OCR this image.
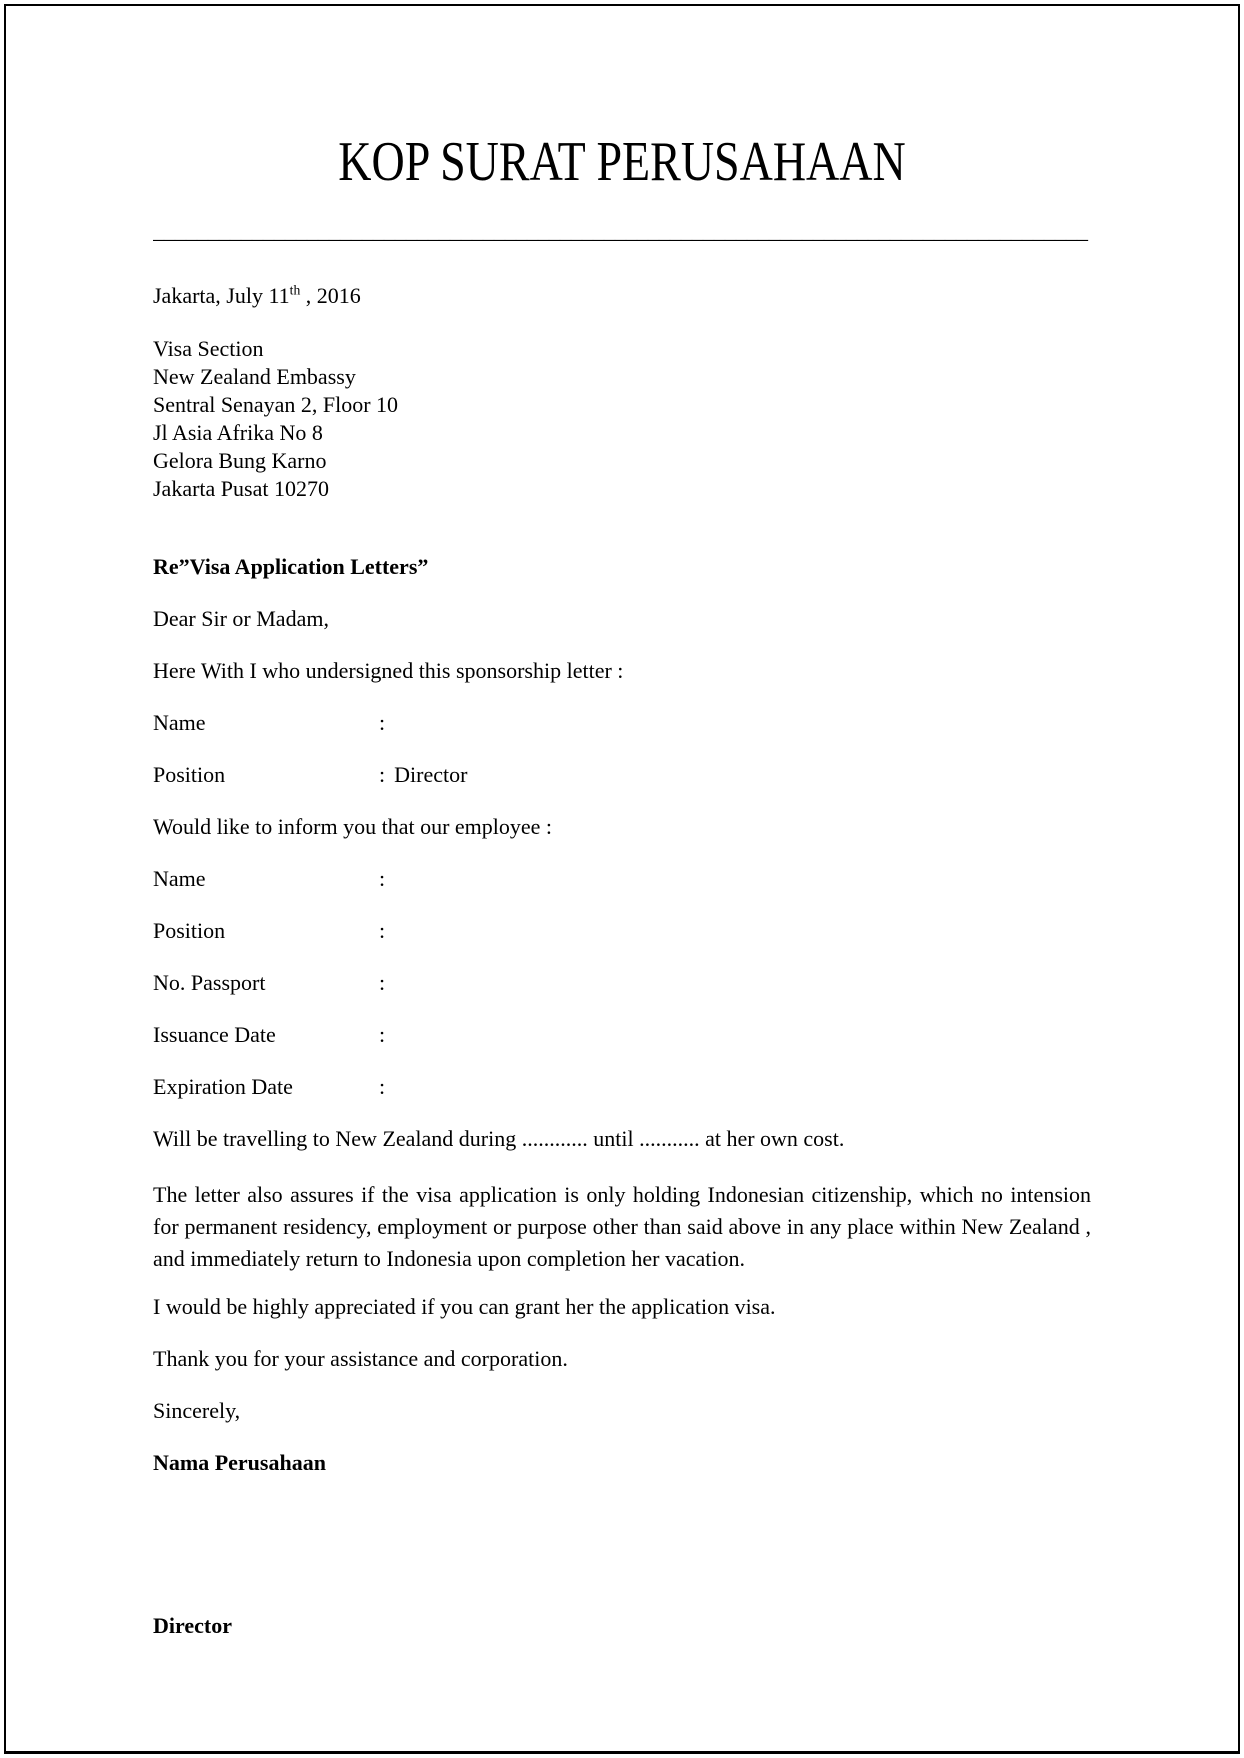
KOP SURAT PERUSAHAAN
_____________________________________________________________________________________

Jakarta, July 11th , 2016

Visa Section
New Zealand Embassy
Sentral Senayan 2, Floor 10
Jl Asia Afrika No 8
Gelora Bung Karno
Jakarta Pusat 10270

Re”Visa Application Letters”

Dear Sir or Madam,

Here With I who undersigned this sponsorship letter :

Name	:

Position	: Director

Would like to inform you that our employee :

Name	:

Position	:

No. Passport	:

Issuance Date	:

Expiration Date	:

Will be travelling to New Zealand during ............ until ........... at her own cost.

The letter also assures if the visa application is only holding Indonesian citizenship, which no intension for permanent residency, employment or purpose other than said above in any place within New Zealand , and immediately return to Indonesia upon completion her vacation.

I would be highly appreciated if you can grant her the application visa.

Thank you for your assistance and corporation.

Sincerely,

Nama Perusahaan

Director
